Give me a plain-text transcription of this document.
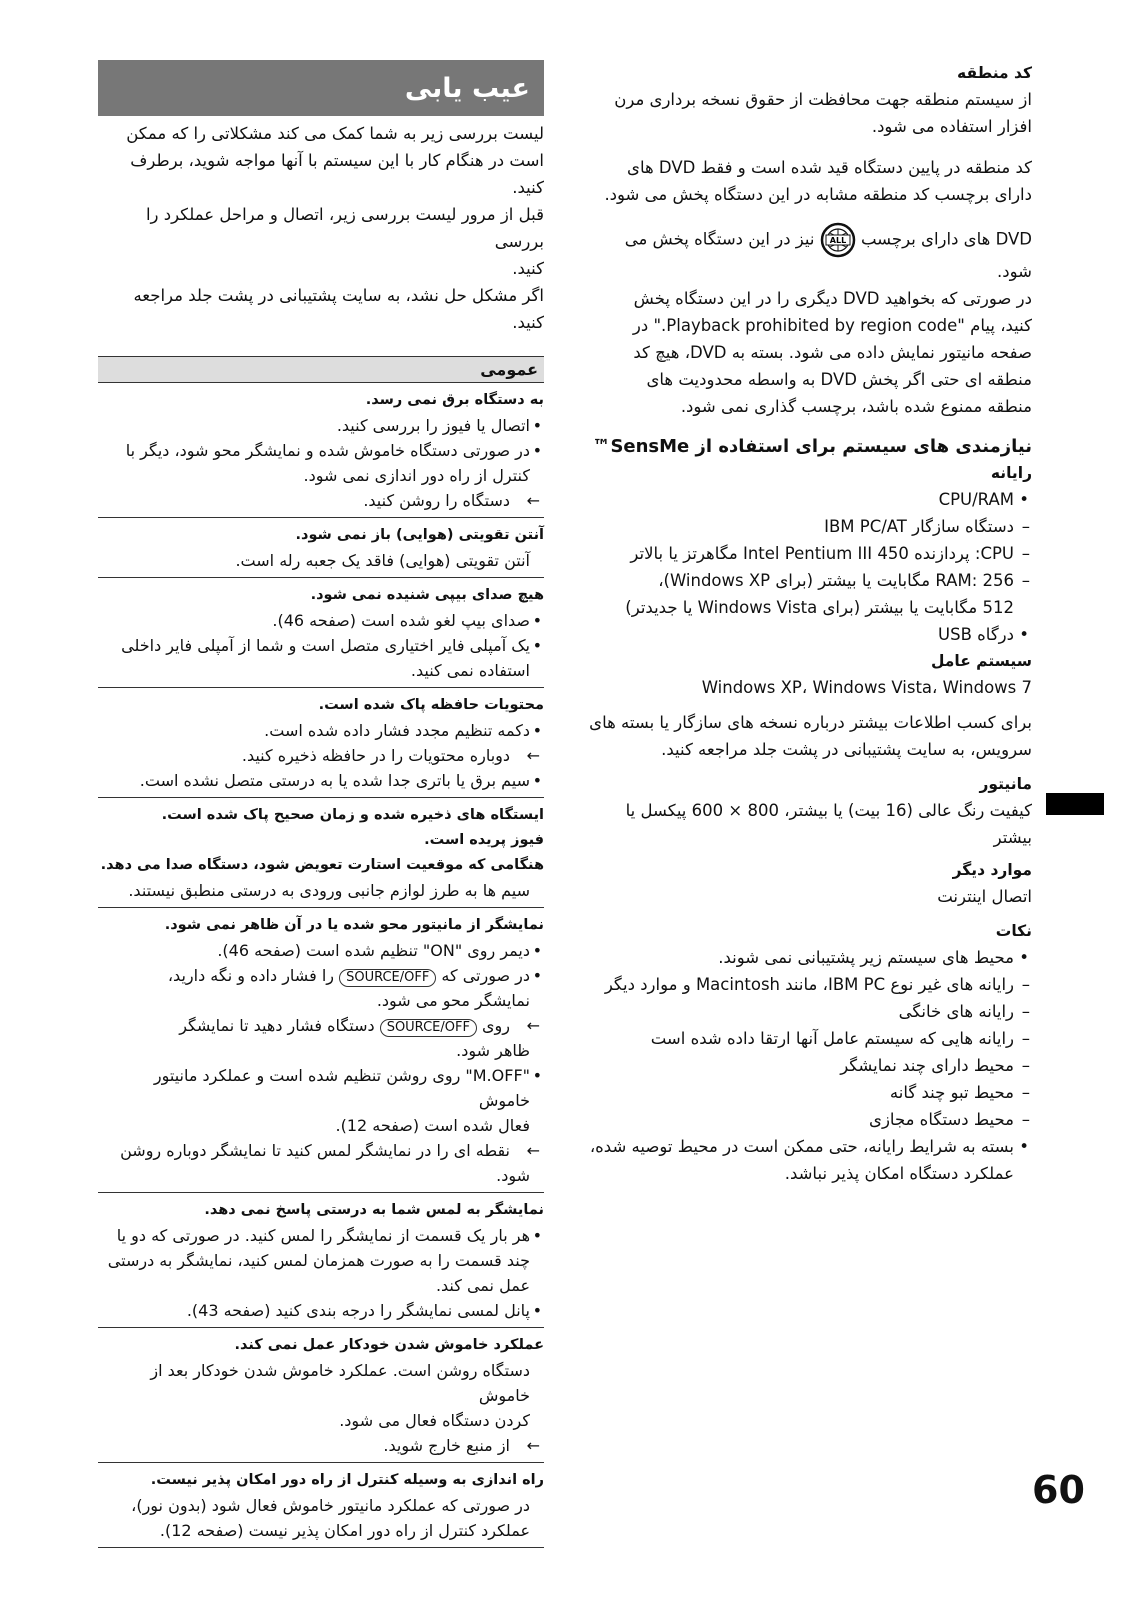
عیب یابی

لیست بررسی زیر به شما کمک می کند مشکلاتی را که ممکن

است در هنگام کار با این سیستم با آنها مواجه شوید، برطرف کنید.

قبل از مرور لیست بررسی زیر، اتصال و مراحل عملکرد را بررسی

کنید.

اگر مشکل حل نشد، به سایت پشتیبانی در پشت جلد مراجعه

کنید.

عمومی
به دستگاه برق نمی رسد.
• اتصال یا فیوز را بررسی کنید.
• در صورتی دستگاه خاموش شده و نمایشگر محو شود، دیگر با
کنترل از راه دور اندازی نمی شود.
← دستگاه را روشن کنید.
آنتن تقویتی (هوایی) باز نمی شود.
آنتن تقویتی (هوایی) فاقد یک جعبه رله است.
هیچ صدای بیپی شنیده نمی شود.
• صدای بیپ لغو شده است (صفحه 46).
• یک آمپلی فایر اختیاری متصل است و شما از آمپلی فایر داخلی
استفاده نمی کنید.
محتویات حافظه پاک شده است.
• دکمه تنظیم مجدد فشار داده شده است.
← دوباره محتویات را در حافظه ذخیره کنید.
• سیم برق یا باتری جدا شده یا به درستی متصل نشده است.
ایستگاه های ذخیره شده و زمان صحیح پاک شده است.
فیوز پریده است.
هنگامی که موقعیت استارت تعویض شود، دستگاه صدا می دهد.
سیم ها به طرز لوازم جانبی ورودی به درستی منطبق نیستند.
نمایشگر از مانیتور محو شده یا در آن ظاهر نمی شود.
• دیمر روی "ON" تنظیم شده است (صفحه 46).
• در صورتی که SOURCE/OFF را فشار داده و نگه دارید،
نمایشگر محو می شود.
← روی SOURCE/OFF دستگاه فشار دهید تا نمایشگر
ظاهر شود.
• "M.OFF" روی روشن تنظیم شده است و عملکرد مانیتور خاموش
فعال شده است (صفحه 12).
← نقطه ای را در نمایشگر لمس کنید تا نمایشگر دوباره روشن
شود.
نمایشگر به لمس شما به درستی پاسخ نمی دهد.
• هر بار یک قسمت از نمایشگر را لمس کنید. در صورتی که دو یا
چند قسمت را به صورت همزمان لمس کنید، نمایشگر به درستی
عمل نمی کند.
• پانل لمسی نمایشگر را درجه بندی کنید (صفحه 43).
عملکرد خاموش شدن خودکار عمل نمی کند.
دستگاه روشن است. عملکرد خاموش شدن خودکار بعد از خاموش
کردن دستگاه فعال می شود.
← از منبع خارج شوید.
راه اندازی به وسیله کنترل از راه دور امکان پذیر نیست.
در صورتی که عملکرد مانیتور خاموش فعال شود (بدون نور)،
عملکرد کنترل از راه دور امکان پذیر نیست (صفحه 12).

کد منطقه

از سیستم منطقه جهت محافظت از حقوق نسخه برداری مرن

افزار استفاده می شود.

کد منطقه در پایین دستگاه قید شده است و فقط DVD های

دارای برچسب کد منطقه مشابه در این دستگاه پخش می شود.

DVD های دارای برچسب
ALL
نیز در این دستگاه پخش می
شود.

در صورتی که بخواهید DVD دیگری را در این دستگاه پخش

کنید، پیام "Playback prohibited by region code." در

صفحه مانیتور نمایش داده می شود. بسته به DVD، هیچ کد

منطقه ای حتی اگر پخش DVD به واسطه محدودیت های

منطقه ممنوع شده باشد، برچسب گذاری نمی شود.

نیازمندی های سیستم برای استفاده از SensMe™

رایانه

• CPU/RAM

– دستگاه سازگار IBM PC/AT

– CPU: پردازنده Intel Pentium III 450 مگاهرتز یا بالاتر

– RAM: 256 مگابایت یا بیشتر (برای Windows XP)،

512 مگابایت یا بیشتر (برای Windows Vista یا جدیدتر)

• درگاه USB

سیستم عامل

Windows XP، Windows Vista، Windows 7

برای کسب اطلاعات بیشتر درباره نسخه های سازگار یا بسته های

سرویس، به سایت پشتیبانی در پشت جلد مراجعه کنید.

مانیتور

کیفیت رنگ عالی (16 بیت) یا بیشتر، 800 × 600 پیکسل یا بیشتر

موارد دیگر

اتصال اینترنت

نکات

• محیط های سیستم زیر پشتیبانی نمی شوند.

– رایانه های غیر نوع IBM PC، مانند Macintosh و موارد دیگر

– رایانه های خانگی

– رایانه هایی که سیستم عامل آنها ارتقا داده شده است

– محیط دارای چند نمایشگر

– محیط تبو چند گانه

– محیط دستگاه مجازی

• بسته به شرایط رایانه، حتی ممکن است در محیط توصیه شده،

عملکرد دستگاه امکان پذیر نباشد.

60
